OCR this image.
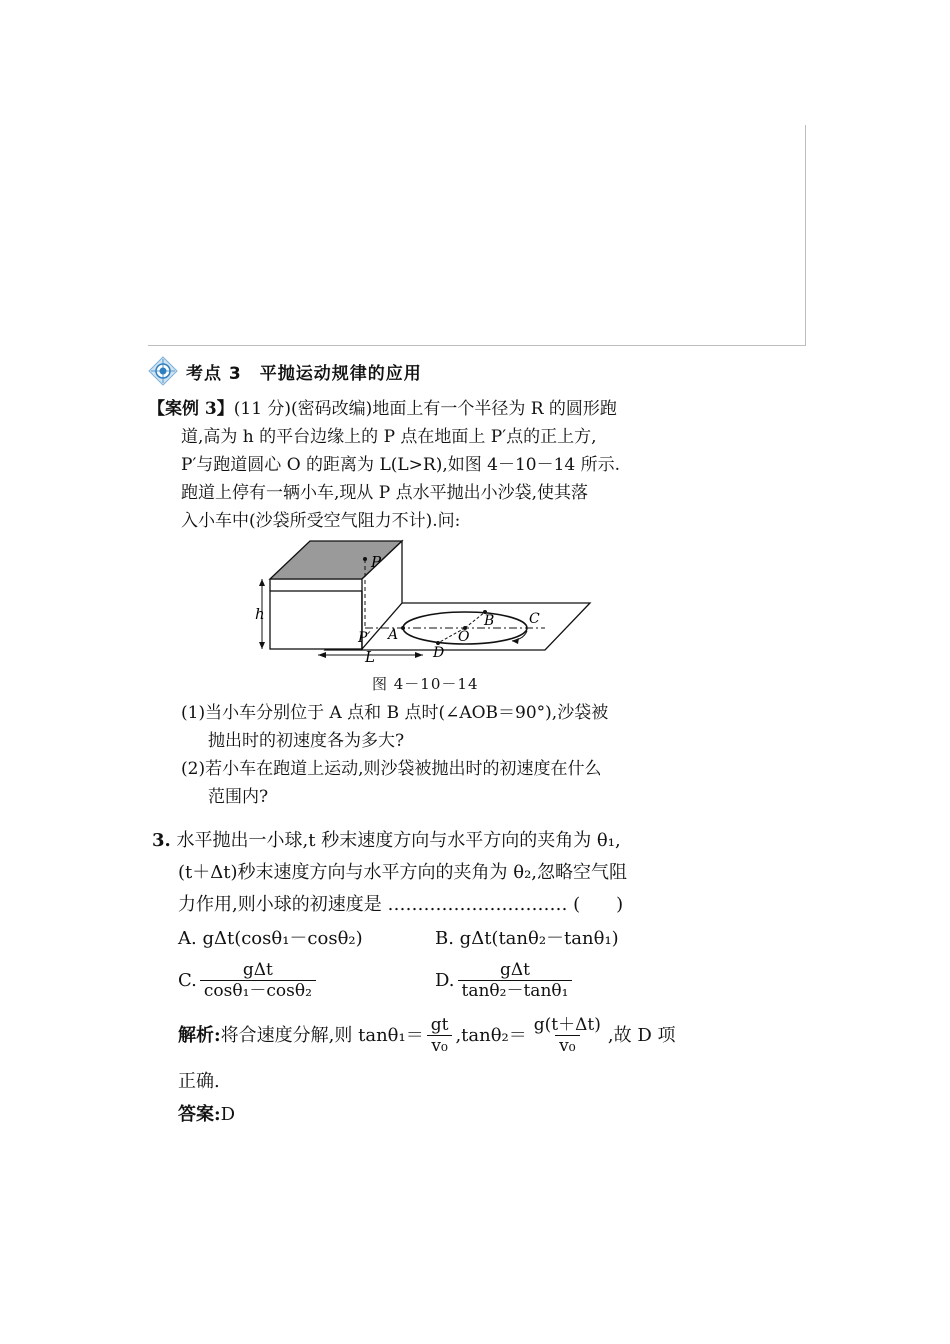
考点 3　平抛运动规律的应用
【案例 3】(11 分)(密码改编)地面上有一个半径为 R 的圆形跑
道,高为 h 的平台边缘上的 P 点在地面上 P′点的正上方,
P′与跑道圆心 O 的距离为 L(L>R),如图 4－10－14 所示.
跑道上停有一辆小车,现从 P 点水平抛出小沙袋,使其落
入小车中(沙袋所受空气阻力不计).问:
h
P
P′ A	O
B C
D
L
图 4－10－14
(1)当小车分别位于 A 点和 B 点时(∠AOB＝90°),沙袋被
抛出时的初速度各为多大?
(2)若小车在跑道上运动,则沙袋被抛出时的初速度在什么
范围内?
3. 水平抛出一小球,t 秒末速度方向与水平方向的夹角为 θ₁,
(t＋Δt)秒末速度方向与水平方向的夹角为 θ₂,忽略空气阻
力作用,则小球的初速度是 ………………………… (　　)
A. gΔt(cosθ₁－cosθ₂)	B. gΔt(tanθ₂－tanθ₁)
C. $\frac{\text{gΔt}}{\text{cosθ₁－cosθ₂}}$	D. $\frac{\text{gΔt}}{\text{tanθ₂－tanθ₁}}$
解析: 将合速度分解,则 $\tan\theta_1= \frac{gt}{\text{v₀}} ,\tan\theta_2= \frac{g(t+\Delta t)}{\text{v₀}}$ ,故 D 项
正确.
答案:D
